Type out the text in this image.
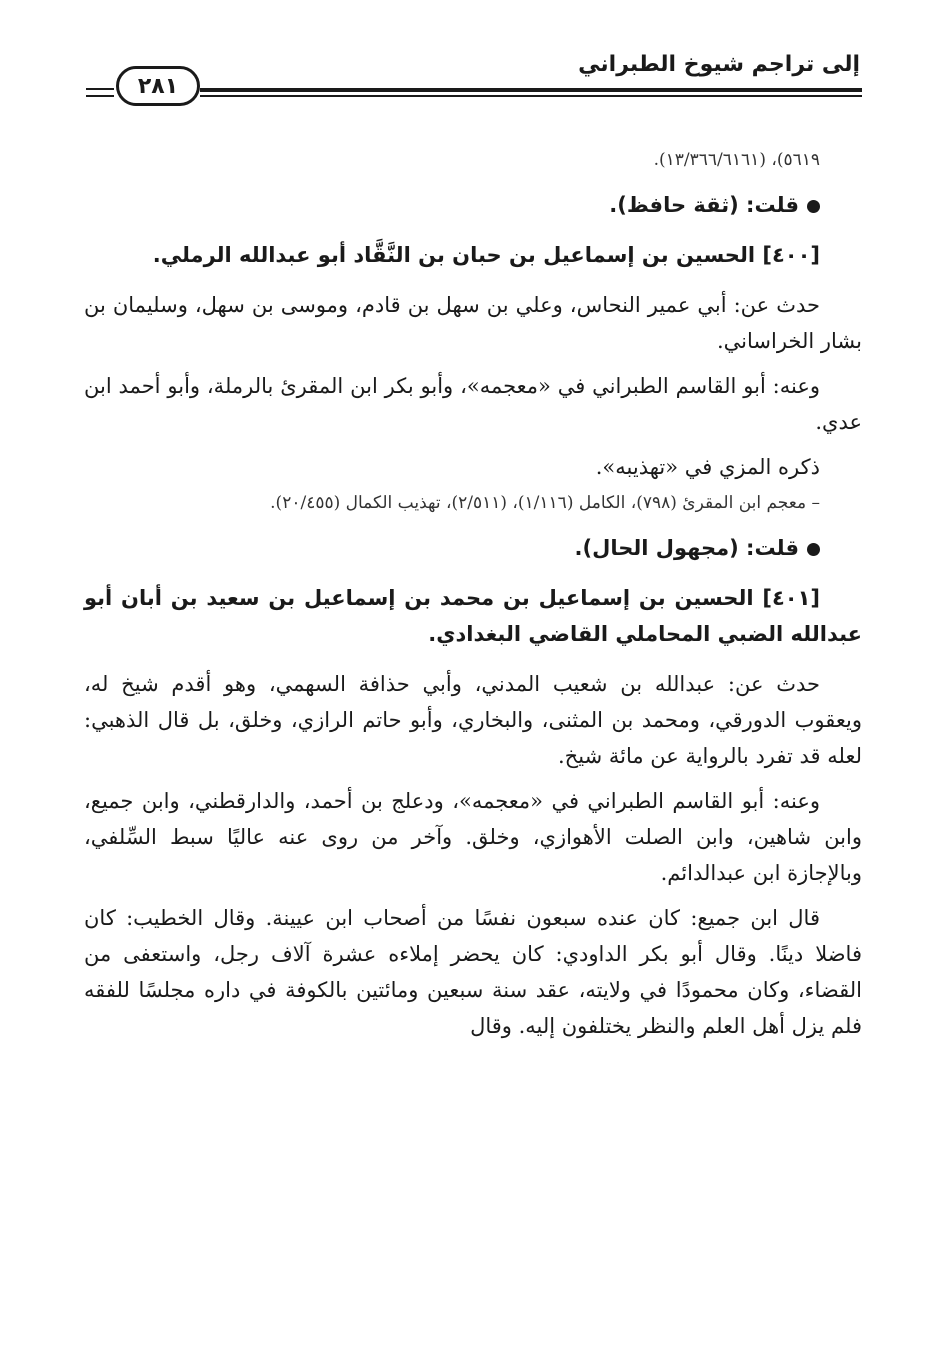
إلى تراجم شيوخ الطبراني
٢٨١

٥٦١٩)، (١٣/٣٦٦/٦١٦١).

قلت: (ثقة حافظ).

[٤٠٠] الحسين بن إسماعيل بن حبان بن النَّقَّاد أبو عبدالله الرملي.

حدث عن: أبي عمير النحاس، وعلي بن سهل بن قادم، وموسى بن سهل، وسليمان بن بشار الخراساني.

وعنه: أبو القاسم الطبراني في «معجمه»، وأبو بكر ابن المقرئ بالرملة، وأبو أحمد ابن عدي.

ذكره المزي في «تهذيبه».

– معجم ابن المقرئ (٧٩٨)، الكامل (١/١١٦)، (٢/٥١١)، تهذيب الكمال (٢٠/٤٥٥).

قلت: (مجهول الحال).

[٤٠١] الحسين بن إسماعيل بن محمد بن إسماعيل بن سعيد بن أبان أبو عبدالله الضبي المحاملي القاضي البغدادي.

حدث عن: عبدالله بن شعيب المدني، وأبي حذافة السهمي، وهو أقدم شيخ له، ويعقوب الدورقي، ومحمد بن المثنى، والبخاري، وأبو حاتم الرازي، وخلق، بل قال الذهبي: لعله قد تفرد بالرواية عن مائة شيخ.

وعنه: أبو القاسم الطبراني في «معجمه»، ودعلج بن أحمد، والدارقطني، وابن جميع، وابن شاهين، وابن الصلت الأهوازي، وخلق. وآخر من روى عنه عاليًا سبط السِّلفي، وبالإجازة ابن عبدالدائم.

قال ابن جميع: كان عنده سبعون نفسًا من أصحاب ابن عيينة. وقال الخطيب: كان فاضلا دينًا. وقال أبو بكر الداودي: كان يحضر إملاءه عشرة آلاف رجل، واستعفى من القضاء، وكان محمودًا في ولايته، عقد سنة سبعين ومائتين بالكوفة في داره مجلسًا للفقه فلم يزل أهل العلم والنظر يختلفون إليه. وقال
